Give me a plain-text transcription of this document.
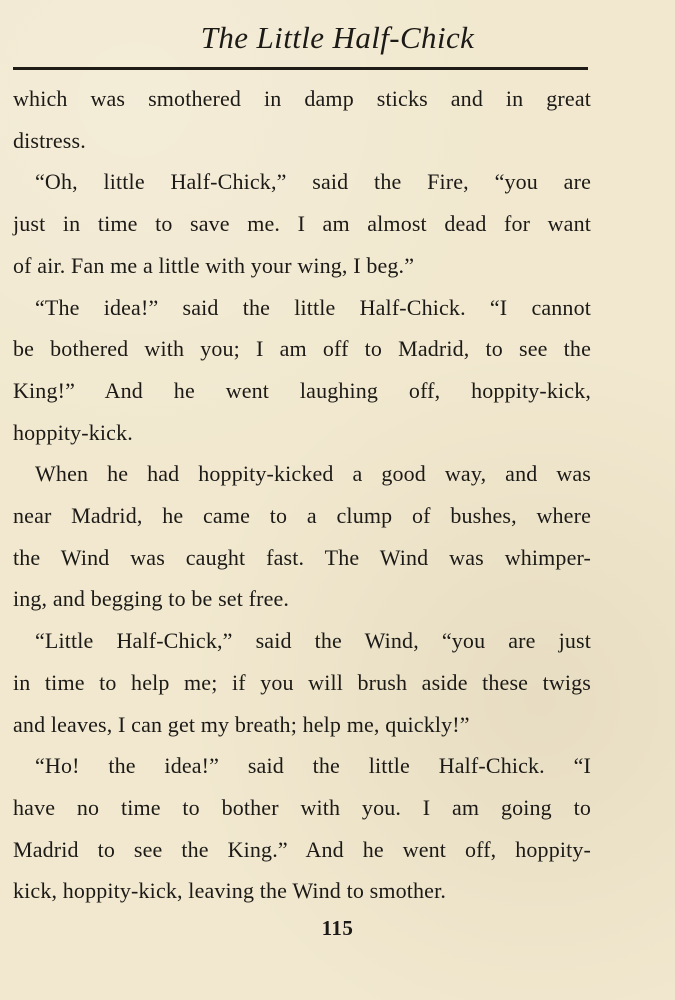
The Little Half-Chick
which was smothered in damp sticks and in great
distress.
“Oh, little Half-Chick,” said the Fire, “you are
just in time to save me. I am almost dead for want
of air. Fan me a little with your wing, I beg.”
“The idea!” said the little Half-Chick. “I cannot
be bothered with you; I am off to Madrid, to see the
King!” And he went laughing off, hoppity-kick,
hoppity-kick.
When he had hoppity-kicked a good way, and was
near Madrid, he came to a clump of bushes, where
the Wind was caught fast. The Wind was whimper-
ing, and begging to be set free.
“Little Half-Chick,” said the Wind, “you are just
in time to help me; if you will brush aside these twigs
and leaves, I can get my breath; help me, quickly!”
“Ho! the idea!” said the little Half-Chick. “I
have no time to bother with you. I am going to
Madrid to see the King.” And he went off, hoppity-
kick, hoppity-kick, leaving the Wind to smother.
115
